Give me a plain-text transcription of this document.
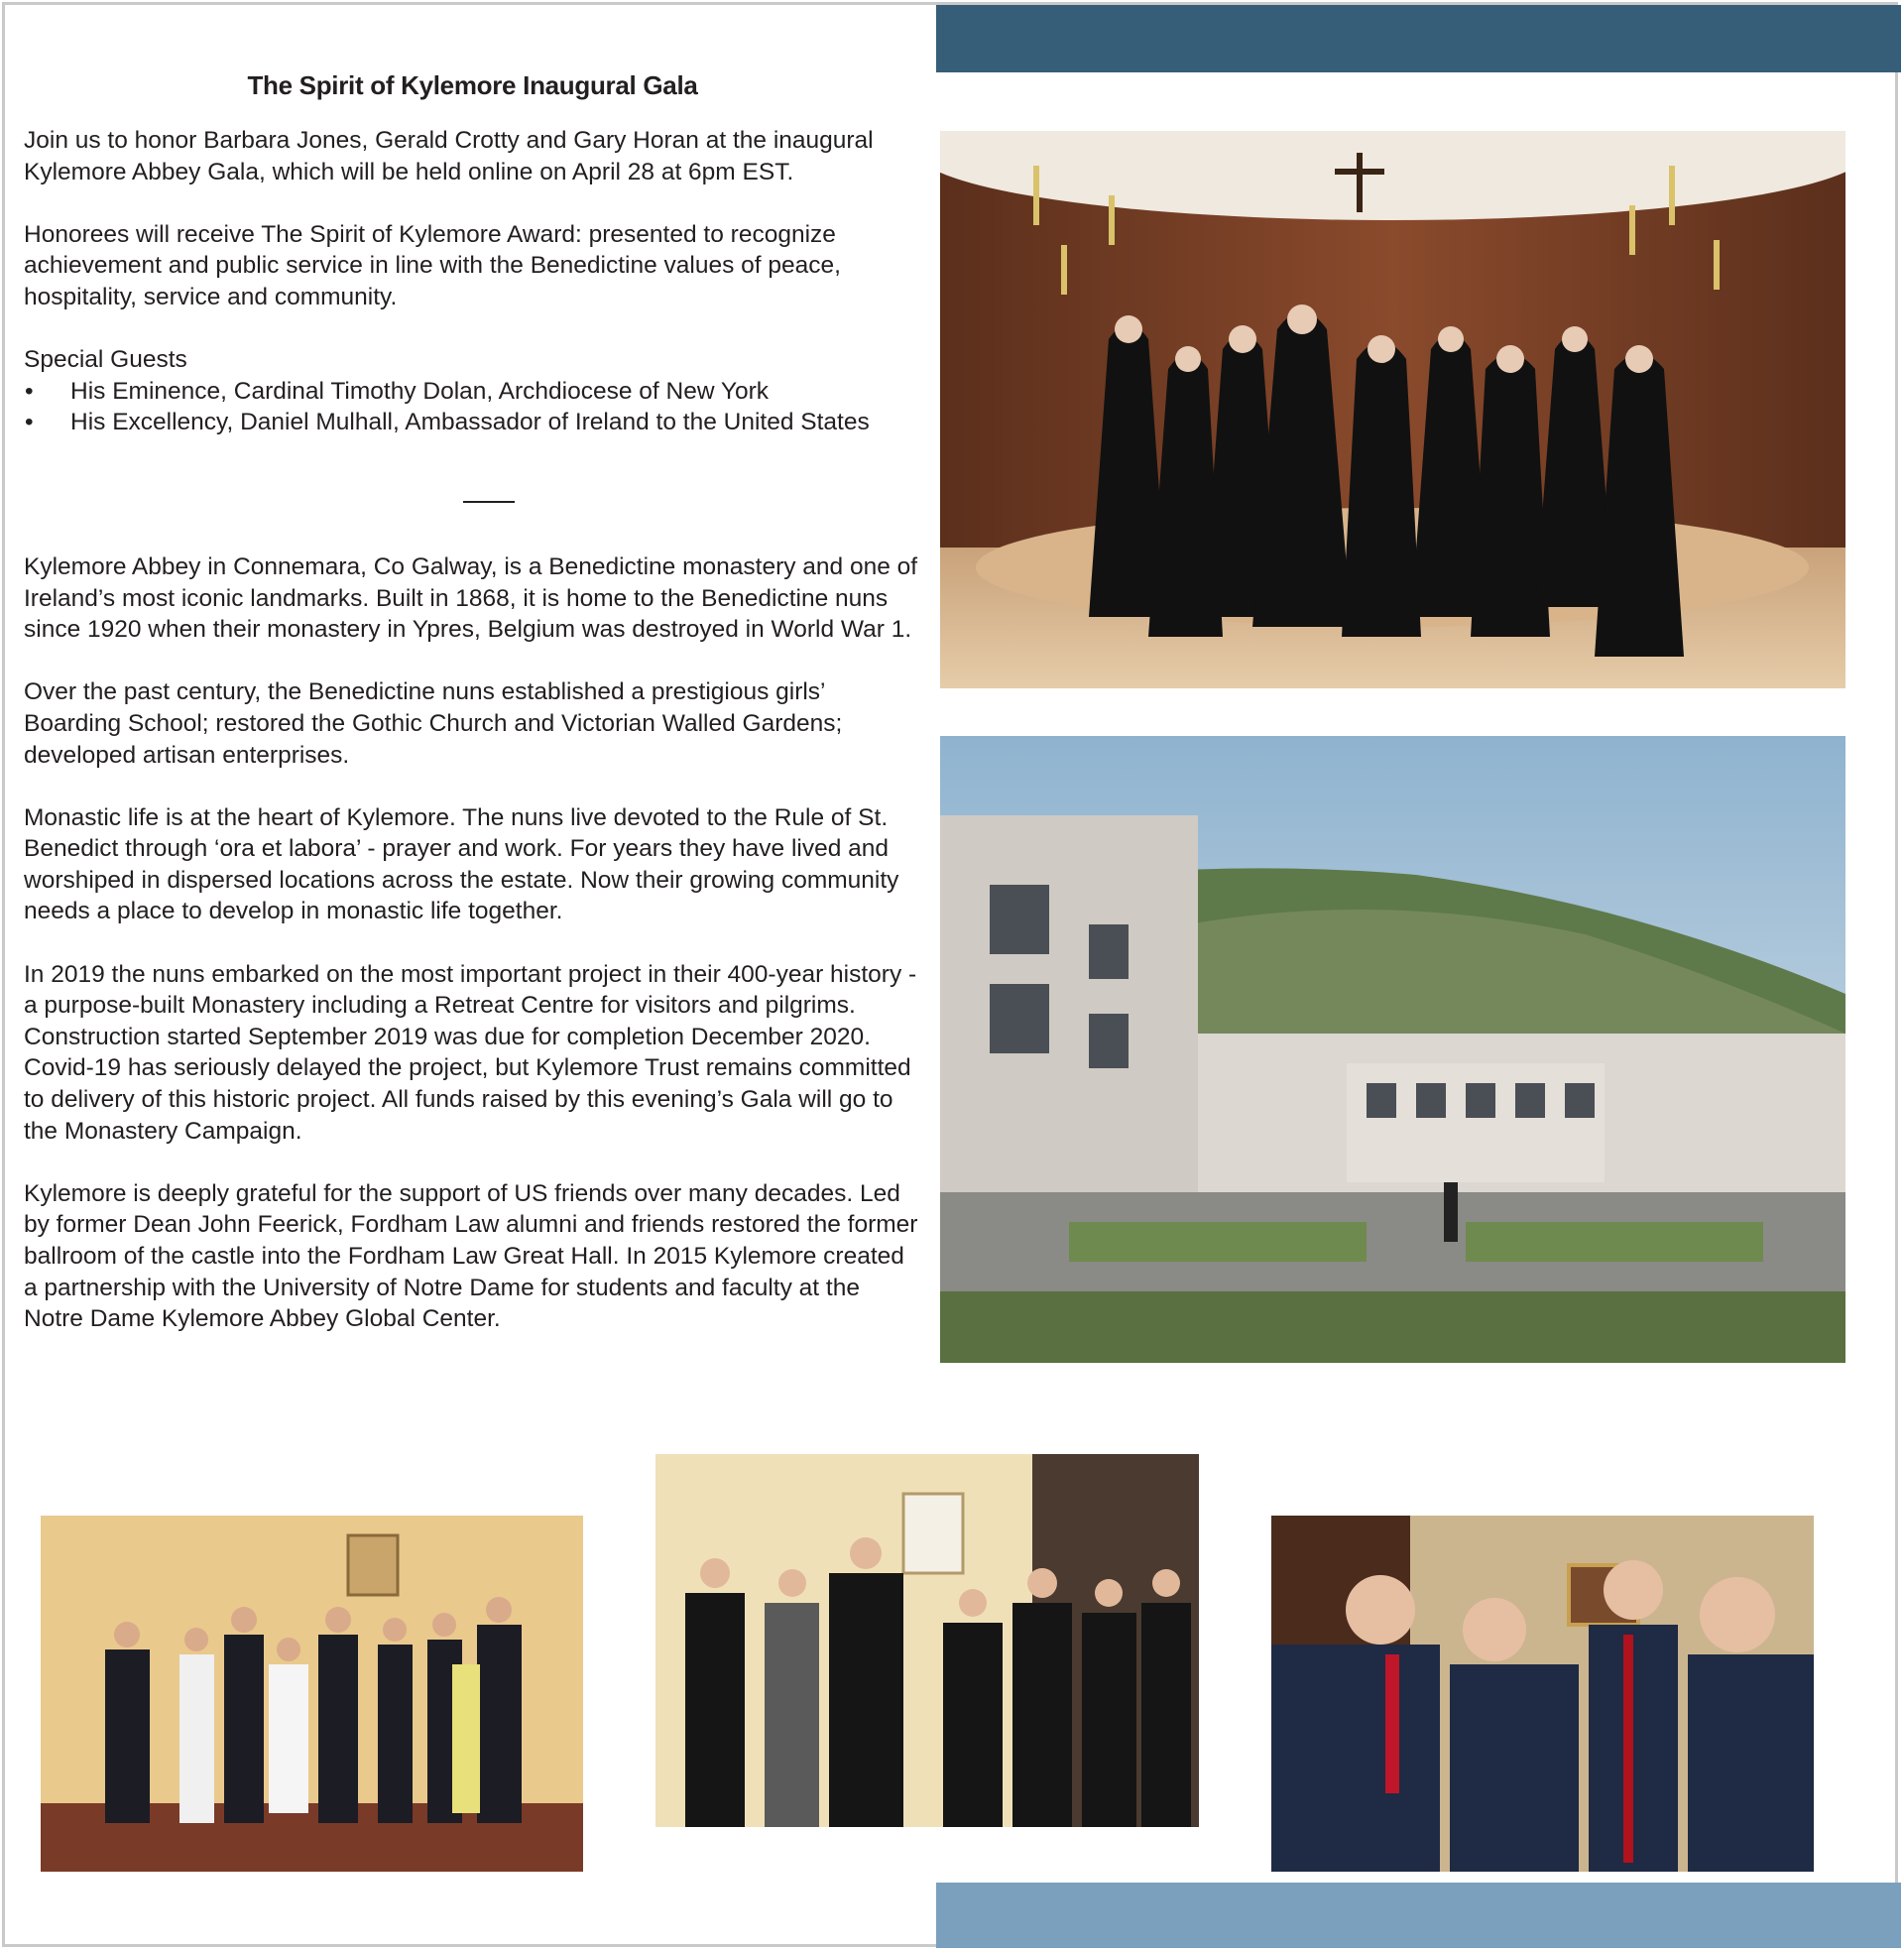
The Spirit of Kylemore Inaugural Gala

Join us to honor Barbara Jones, Gerald Crotty and Gary Horan at the inaugural Kylemore Abbey Gala, which will be held online on April 28 at 6pm EST.

Honorees will receive The Spirit of Kylemore Award: presented to recognize achievement and public service in line with the Benedictine values of peace, hospitality, service and community.

Special Guests

• His Eminence, Cardinal Timothy Dolan, Archdiocese of New York
• His Excellency, Daniel Mulhall, Ambassador of Ireland to the United States

Kylemore Abbey in Connemara, Co Galway, is a Benedictine monastery and one of Ireland’s most iconic landmarks. Built in 1868, it is home to the Benedictine nuns since 1920 when their monastery in Ypres, Belgium was destroyed in World War 1.

Over the past century, the Benedictine nuns established a prestigious girls’ Boarding School; restored the Gothic Church and Victorian Walled Gardens; developed artisan enterprises.

Monastic life is at the heart of Kylemore. The nuns live devoted to the Rule of St. Benedict through ‘ora et labora’ - prayer and work. For years they have lived and worshiped in dispersed locations across the estate. Now their growing community needs a place to develop in monastic life together.

In 2019 the nuns embarked on the most important project in their 400-year history - a purpose-built Monastery including a Retreat Centre for visitors and pilgrims. Construction started September 2019 was due for completion December 2020. Covid-19 has seriously delayed the project, but Kylemore Trust remains committed to delivery of this historic project. All funds raised by this evening’s Gala will go to the Monastery Campaign.

Kylemore is deeply grateful for the support of US friends over many decades. Led by former Dean John Feerick, Fordham Law alumni and friends restored the former ballroom of the castle into the Fordham Law Great Hall. In 2015 Kylemore created a partnership with the University of Notre Dame for students and faculty at the Notre Dame Kylemore Abbey Global Center.
